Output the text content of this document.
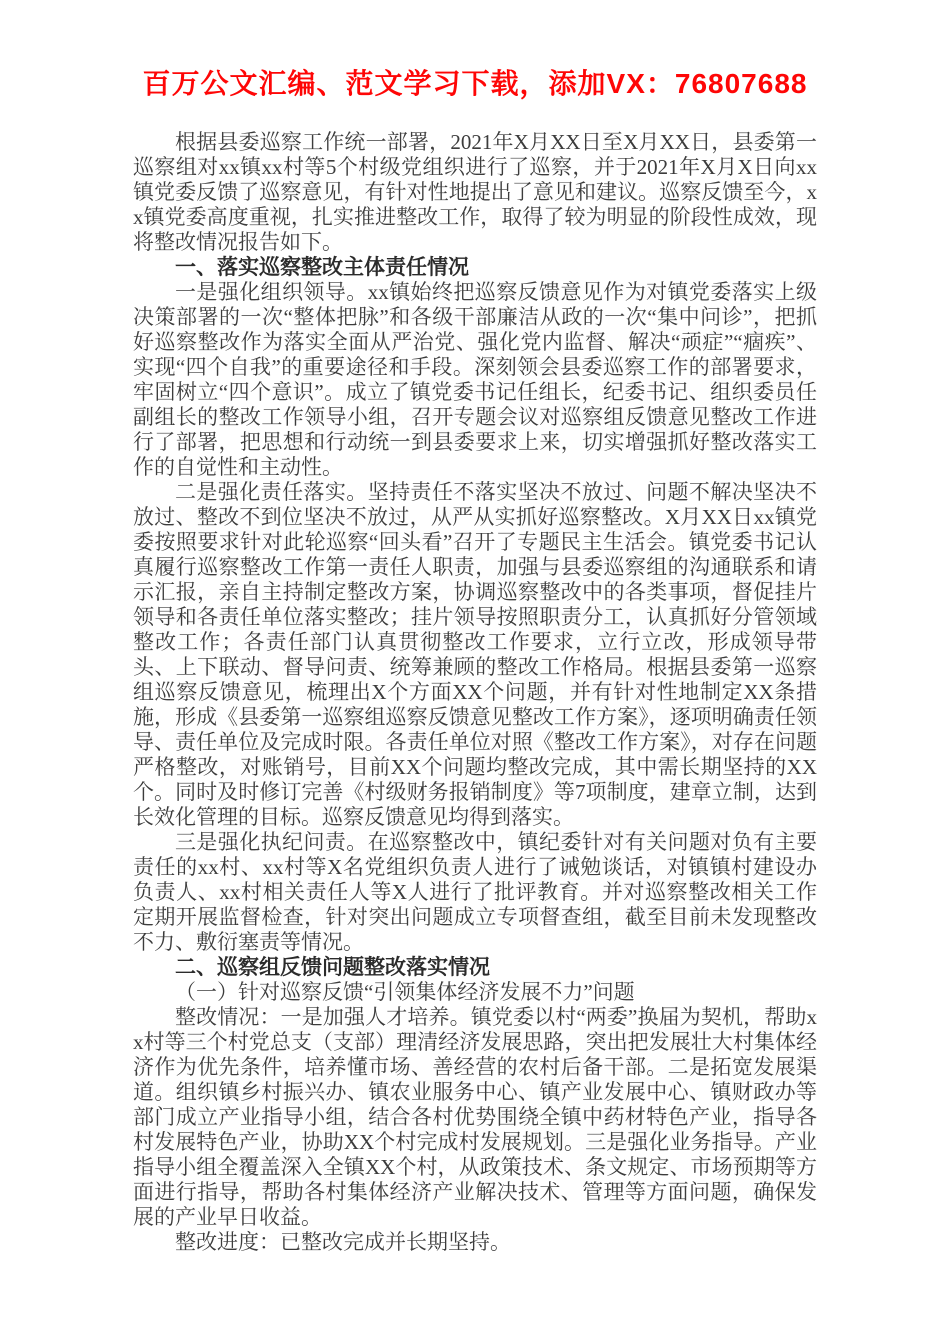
百万公文汇编、范文学习下载，添加VX：76807688

根据县委巡察工作统一部署，2021年X月XX日至X月XX日，县委第一巡察组对xx镇xx村等5个村级党组织进行了巡察，并于2021年X月X日向xx镇党委反馈了巡察意见，有针对性地提出了意见和建议。巡察反馈至今，xx镇党委高度重视，扎实推进整改工作，取得了较为明显的阶段性成效，现将整改情况报告如下。

一、落实巡察整改主体责任情况

一是强化组织领导。xx镇始终把巡察反馈意见作为对镇党委落实上级决策部署的一次“整体把脉”和各级干部廉洁从政的一次“集中问诊”，把抓好巡察整改作为落实全面从严治党、强化党内监督、解决“顽症”“痼疾”、实现“四个自我”的重要途径和手段。深刻领会县委巡察工作的部署要求，牢固树立“四个意识”。成立了镇党委书记任组长，纪委书记、组织委员任副组长的整改工作领导小组，召开专题会议对巡察组反馈意见整改工作进行了部署，把思想和行动统一到县委要求上来，切实增强抓好整改落实工作的自觉性和主动性。

二是强化责任落实。坚持责任不落实坚决不放过、问题不解决坚决不放过、整改不到位坚决不放过，从严从实抓好巡察整改。X月XX日xx镇党委按照要求针对此轮巡察“回头看”召开了专题民主生活会。镇党委书记认真履行巡察整改工作第一责任人职责，加强与县委巡察组的沟通联系和请示汇报，亲自主持制定整改方案，协调巡察整改中的各类事项，督促挂片领导和各责任单位落实整改；挂片领导按照职责分工，认真抓好分管领域整改工作；各责任部门认真贯彻整改工作要求，立行立改，形成领导带头、上下联动、督导问责、统筹兼顾的整改工作格局。根据县委第一巡察组巡察反馈意见，梳理出X个方面XX个问题，并有针对性地制定XX条措施，形成《县委第一巡察组巡察反馈意见整改工作方案》，逐项明确责任领导、责任单位及完成时限。各责任单位对照《整改工作方案》，对存在问题严格整改，对账销号，目前XX个问题均整改完成，其中需长期坚持的XX个。同时及时修订完善《村级财务报销制度》等7项制度，建章立制，达到长效化管理的目标。巡察反馈意见均得到落实。

三是强化执纪问责。在巡察整改中，镇纪委针对有关问题对负有主要责任的xx村、xx村等X名党组织负责人进行了诫勉谈话，对镇镇村建设办负责人、xx村相关责任人等X人进行了批评教育。并对巡察整改相关工作定期开展监督检查，针对突出问题成立专项督查组，截至目前未发现整改不力、敷衍塞责等情况。

二、巡察组反馈问题整改落实情况

（一）针对巡察反馈“引领集体经济发展不力”问题

整改情况：一是加强人才培养。镇党委以村“两委”换届为契机，帮助xx村等三个村党总支（支部）理清经济发展思路，突出把发展壮大村集体经济作为优先条件，培养懂市场、善经营的农村后备干部。二是拓宽发展渠道。组织镇乡村振兴办、镇农业服务中心、镇产业发展中心、镇财政办等部门成立产业指导小组，结合各村优势围绕全镇中药材特色产业，指导各村发展特色产业，协助XX个村完成村发展规划。三是强化业务指导。产业指导小组全覆盖深入全镇XX个村，从政策技术、条文规定、市场预期等方面进行指导，帮助各村集体经济产业解决技术、管理等方面问题，确保发展的产业早日收益。

整改进度：已整改完成并长期坚持。
